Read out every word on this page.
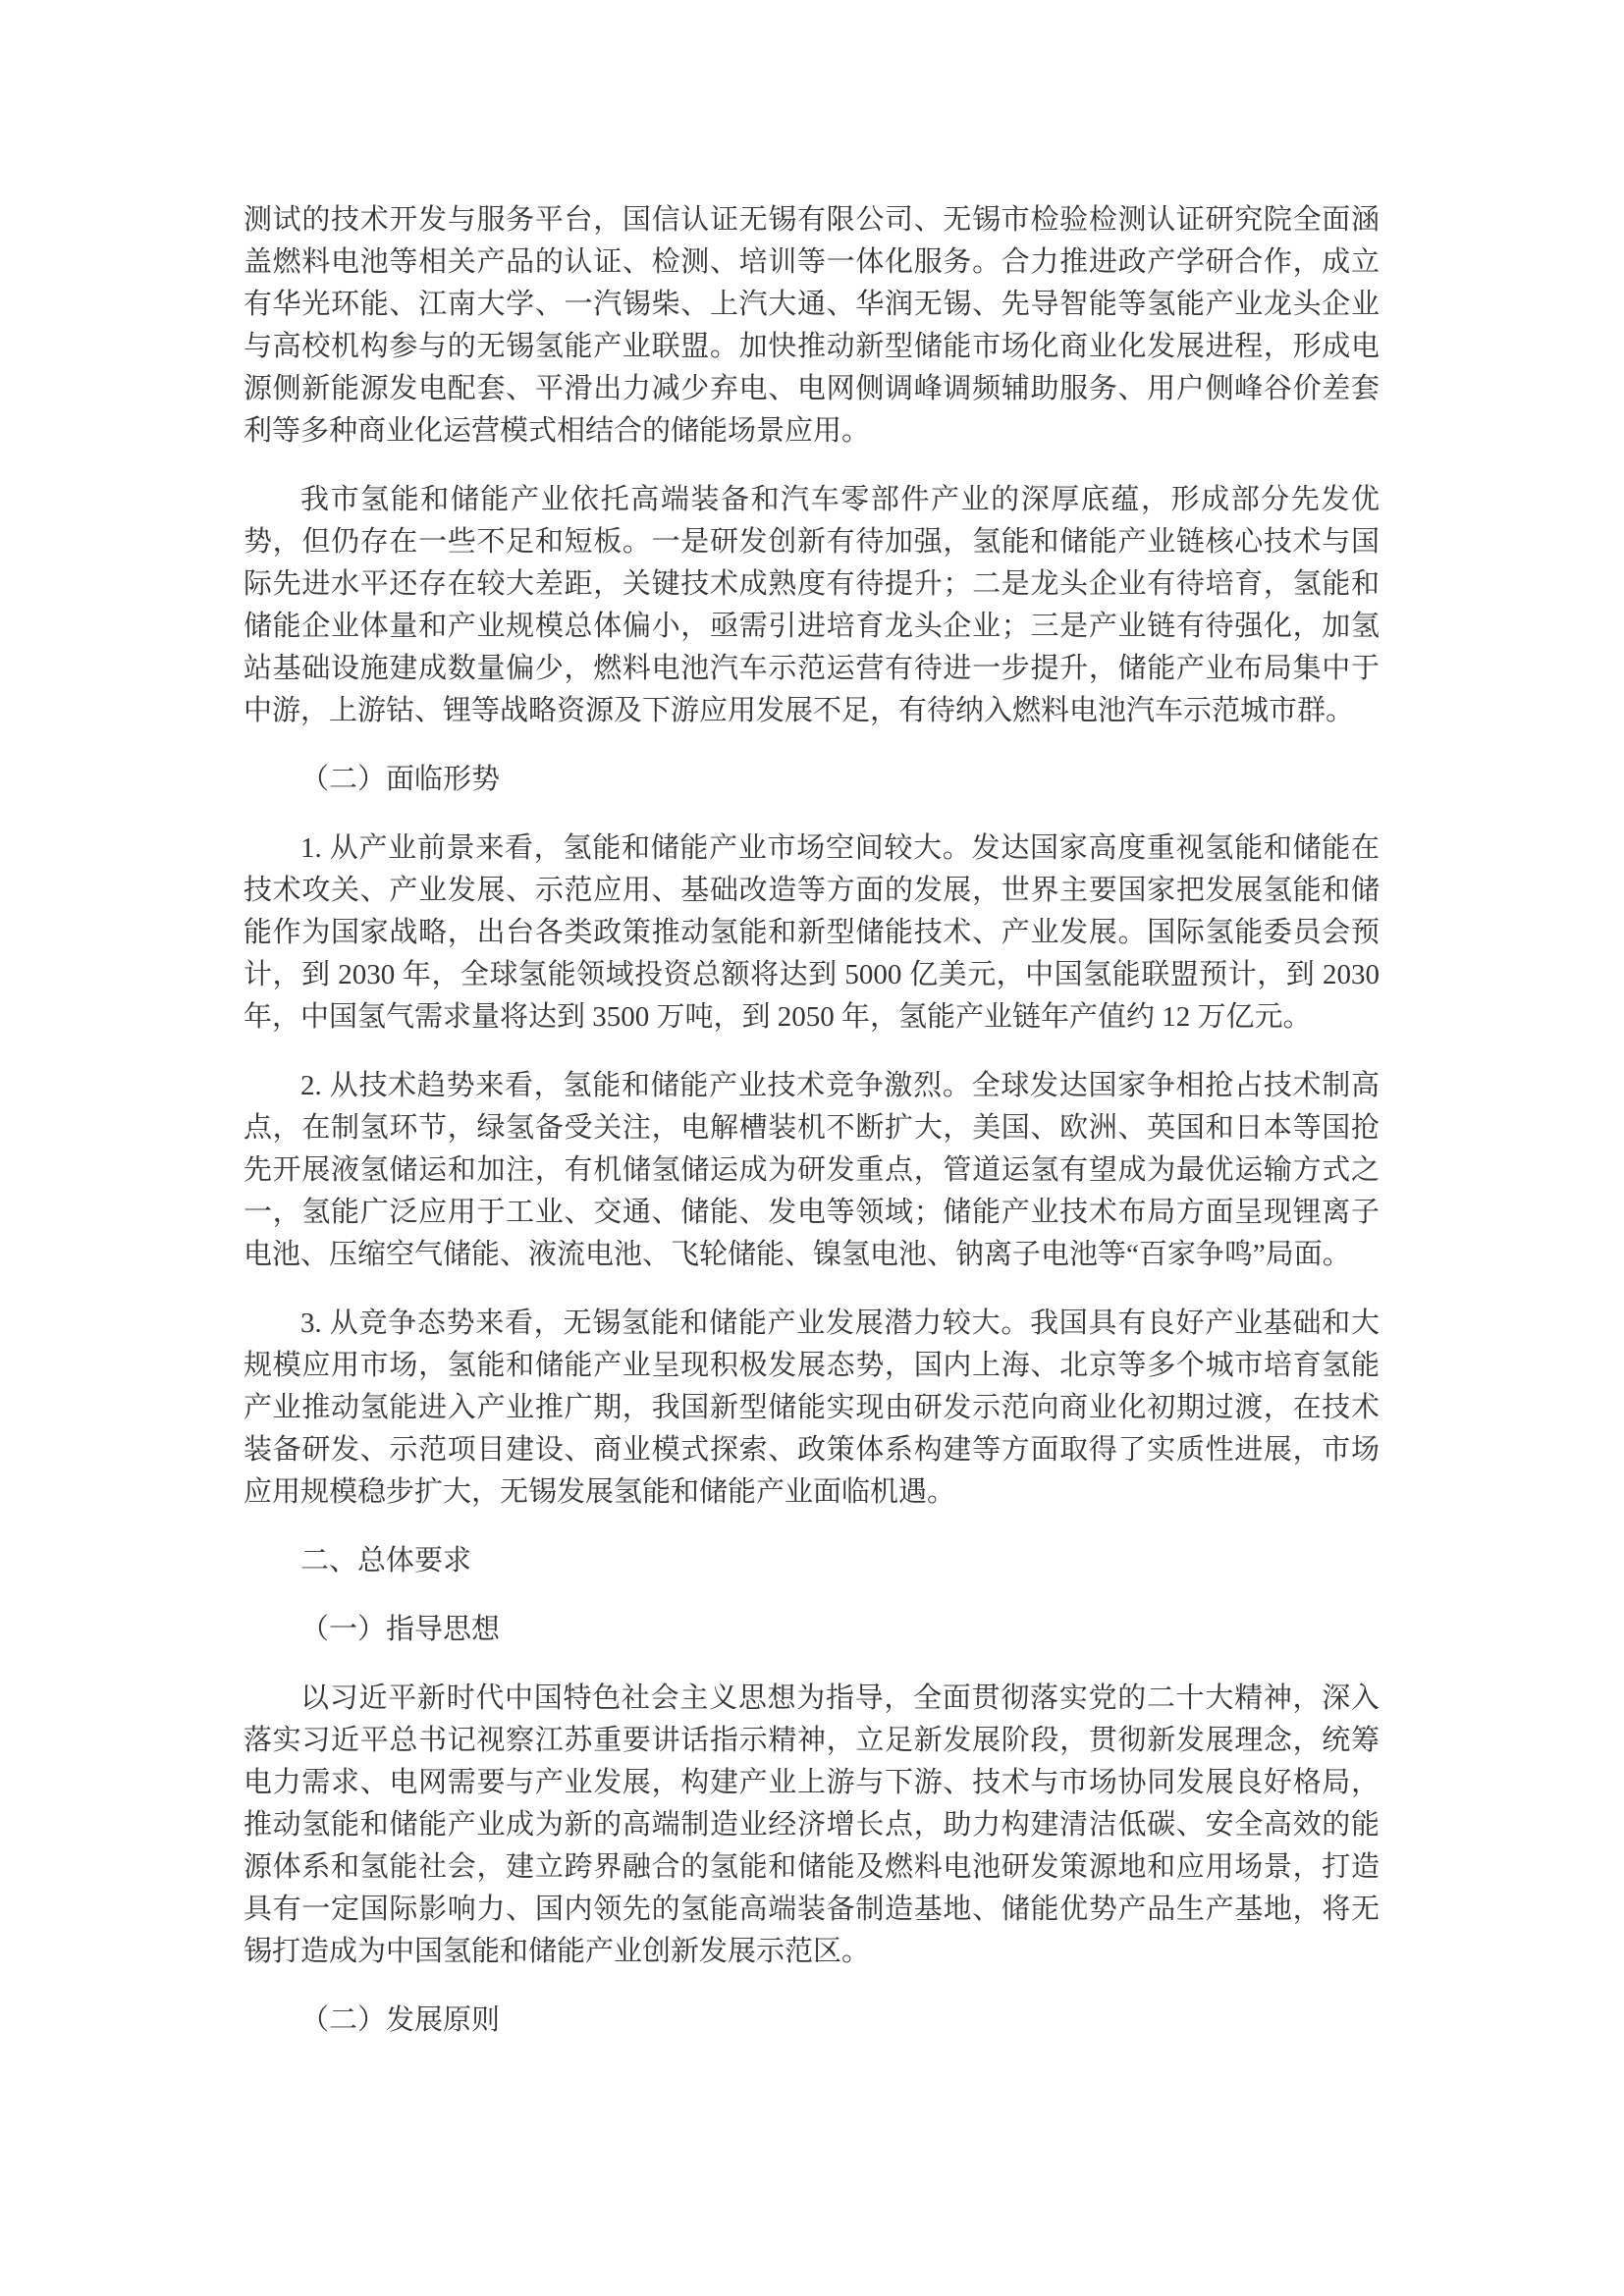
测试的技术开发与服务平台，国信认证无锡有限公司、无锡市检验检测认证研究院全面涵盖燃料电池等相关产品的认证、检测、培训等一体化服务。合力推进政产学研合作，成立有华光环能、江南大学、一汽锡柴、上汽大通、华润无锡、先导智能等氢能产业龙头企业与高校机构参与的无锡氢能产业联盟。加快推动新型储能市场化商业化发展进程，形成电源侧新能源发电配套、平滑出力减少弃电、电网侧调峰调频辅助服务、用户侧峰谷价差套利等多种商业化运营模式相结合的储能场景应用。

我市氢能和储能产业依托高端装备和汽车零部件产业的深厚底蕴，形成部分先发优势，但仍存在一些不足和短板。一是研发创新有待加强，氢能和储能产业链核心技术与国际先进水平还存在较大差距，关键技术成熟度有待提升；二是龙头企业有待培育，氢能和储能企业体量和产业规模总体偏小，亟需引进培育龙头企业；三是产业链有待强化，加氢站基础设施建成数量偏少，燃料电池汽车示范运营有待进一步提升，储能产业布局集中于中游，上游钴、锂等战略资源及下游应用发展不足，有待纳入燃料电池汽车示范城市群。

（二）面临形势

1. 从产业前景来看，氢能和储能产业市场空间较大。发达国家高度重视氢能和储能在技术攻关、产业发展、示范应用、基础改造等方面的发展，世界主要国家把发展氢能和储能作为国家战略，出台各类政策推动氢能和新型储能技术、产业发展。国际氢能委员会预计，到 2030 年，全球氢能领域投资总额将达到 5000 亿美元，中国氢能联盟预计，到 2030 年，中国氢气需求量将达到 3500 万吨，到 2050 年，氢能产业链年产值约 12 万亿元。

2. 从技术趋势来看，氢能和储能产业技术竞争激烈。全球发达国家争相抢占技术制高点，在制氢环节，绿氢备受关注，电解槽装机不断扩大，美国、欧洲、英国和日本等国抢先开展液氢储运和加注，有机储氢储运成为研发重点，管道运氢有望成为最优运输方式之一，氢能广泛应用于工业、交通、储能、发电等领域；储能产业技术布局方面呈现锂离子电池、压缩空气储能、液流电池、飞轮储能、镍氢电池、钠离子电池等“百家争鸣”局面。

3. 从竞争态势来看，无锡氢能和储能产业发展潜力较大。我国具有良好产业基础和大规模应用市场，氢能和储能产业呈现积极发展态势，国内上海、北京等多个城市培育氢能产业推动氢能进入产业推广期，我国新型储能实现由研发示范向商业化初期过渡，在技术装备研发、示范项目建设、商业模式探索、政策体系构建等方面取得了实质性进展，市场应用规模稳步扩大，无锡发展氢能和储能产业面临机遇。

二、总体要求

（一）指导思想

以习近平新时代中国特色社会主义思想为指导，全面贯彻落实党的二十大精神，深入落实习近平总书记视察江苏重要讲话指示精神，立足新发展阶段，贯彻新发展理念，统筹电力需求、电网需要与产业发展，构建产业上游与下游、技术与市场协同发展良好格局，推动氢能和储能产业成为新的高端制造业经济增长点，助力构建清洁低碳、安全高效的能源体系和氢能社会，建立跨界融合的氢能和储能及燃料电池研发策源地和应用场景，打造具有一定国际影响力、国内领先的氢能高端装备制造基地、储能优势产品生产基地，将无锡打造成为中国氢能和储能产业创新发展示范区。

（二）发展原则
